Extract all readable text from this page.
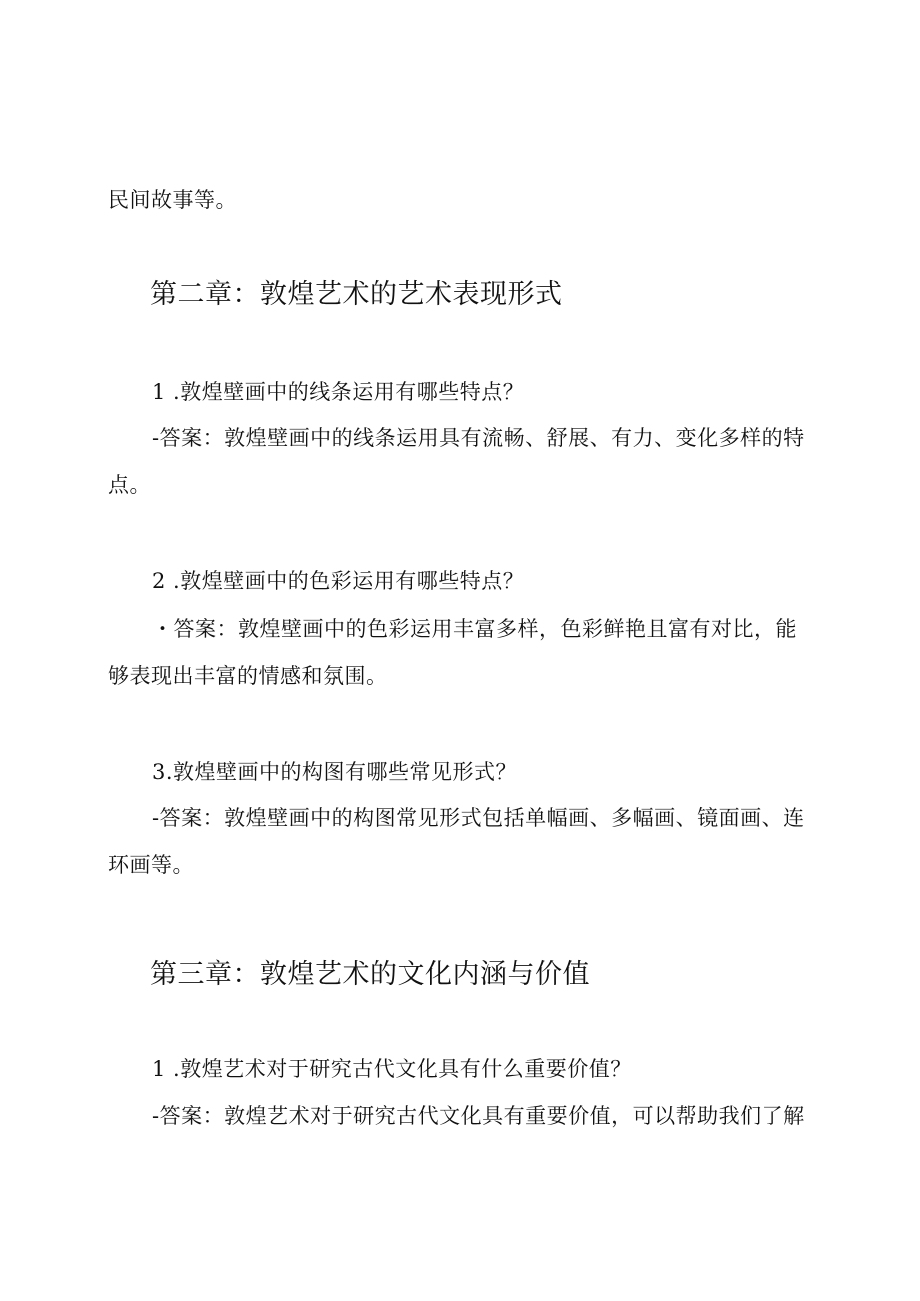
民间故事等。

第二章：敦煌艺术的艺术表现形式

1 .敦煌壁画中的线条运用有哪些特点？

-答案：敦煌壁画中的线条运用具有流畅、舒展、有力、变化多样的特
点。

2 .敦煌壁画中的色彩运用有哪些特点？

・答案：敦煌壁画中的色彩运用丰富多样，色彩鲜艳且富有对比，能
够表现出丰富的情感和氛围。

3.敦煌壁画中的构图有哪些常见形式？

-答案：敦煌壁画中的构图常见形式包括单幅画、多幅画、镜面画、连
环画等。
第三章：敦煌艺术的文化内涵与价值

1 .敦煌艺术对于研究古代文化具有什么重要价值？

-答案：敦煌艺术对于研究古代文化具有重要价值，可以帮助我们了解
